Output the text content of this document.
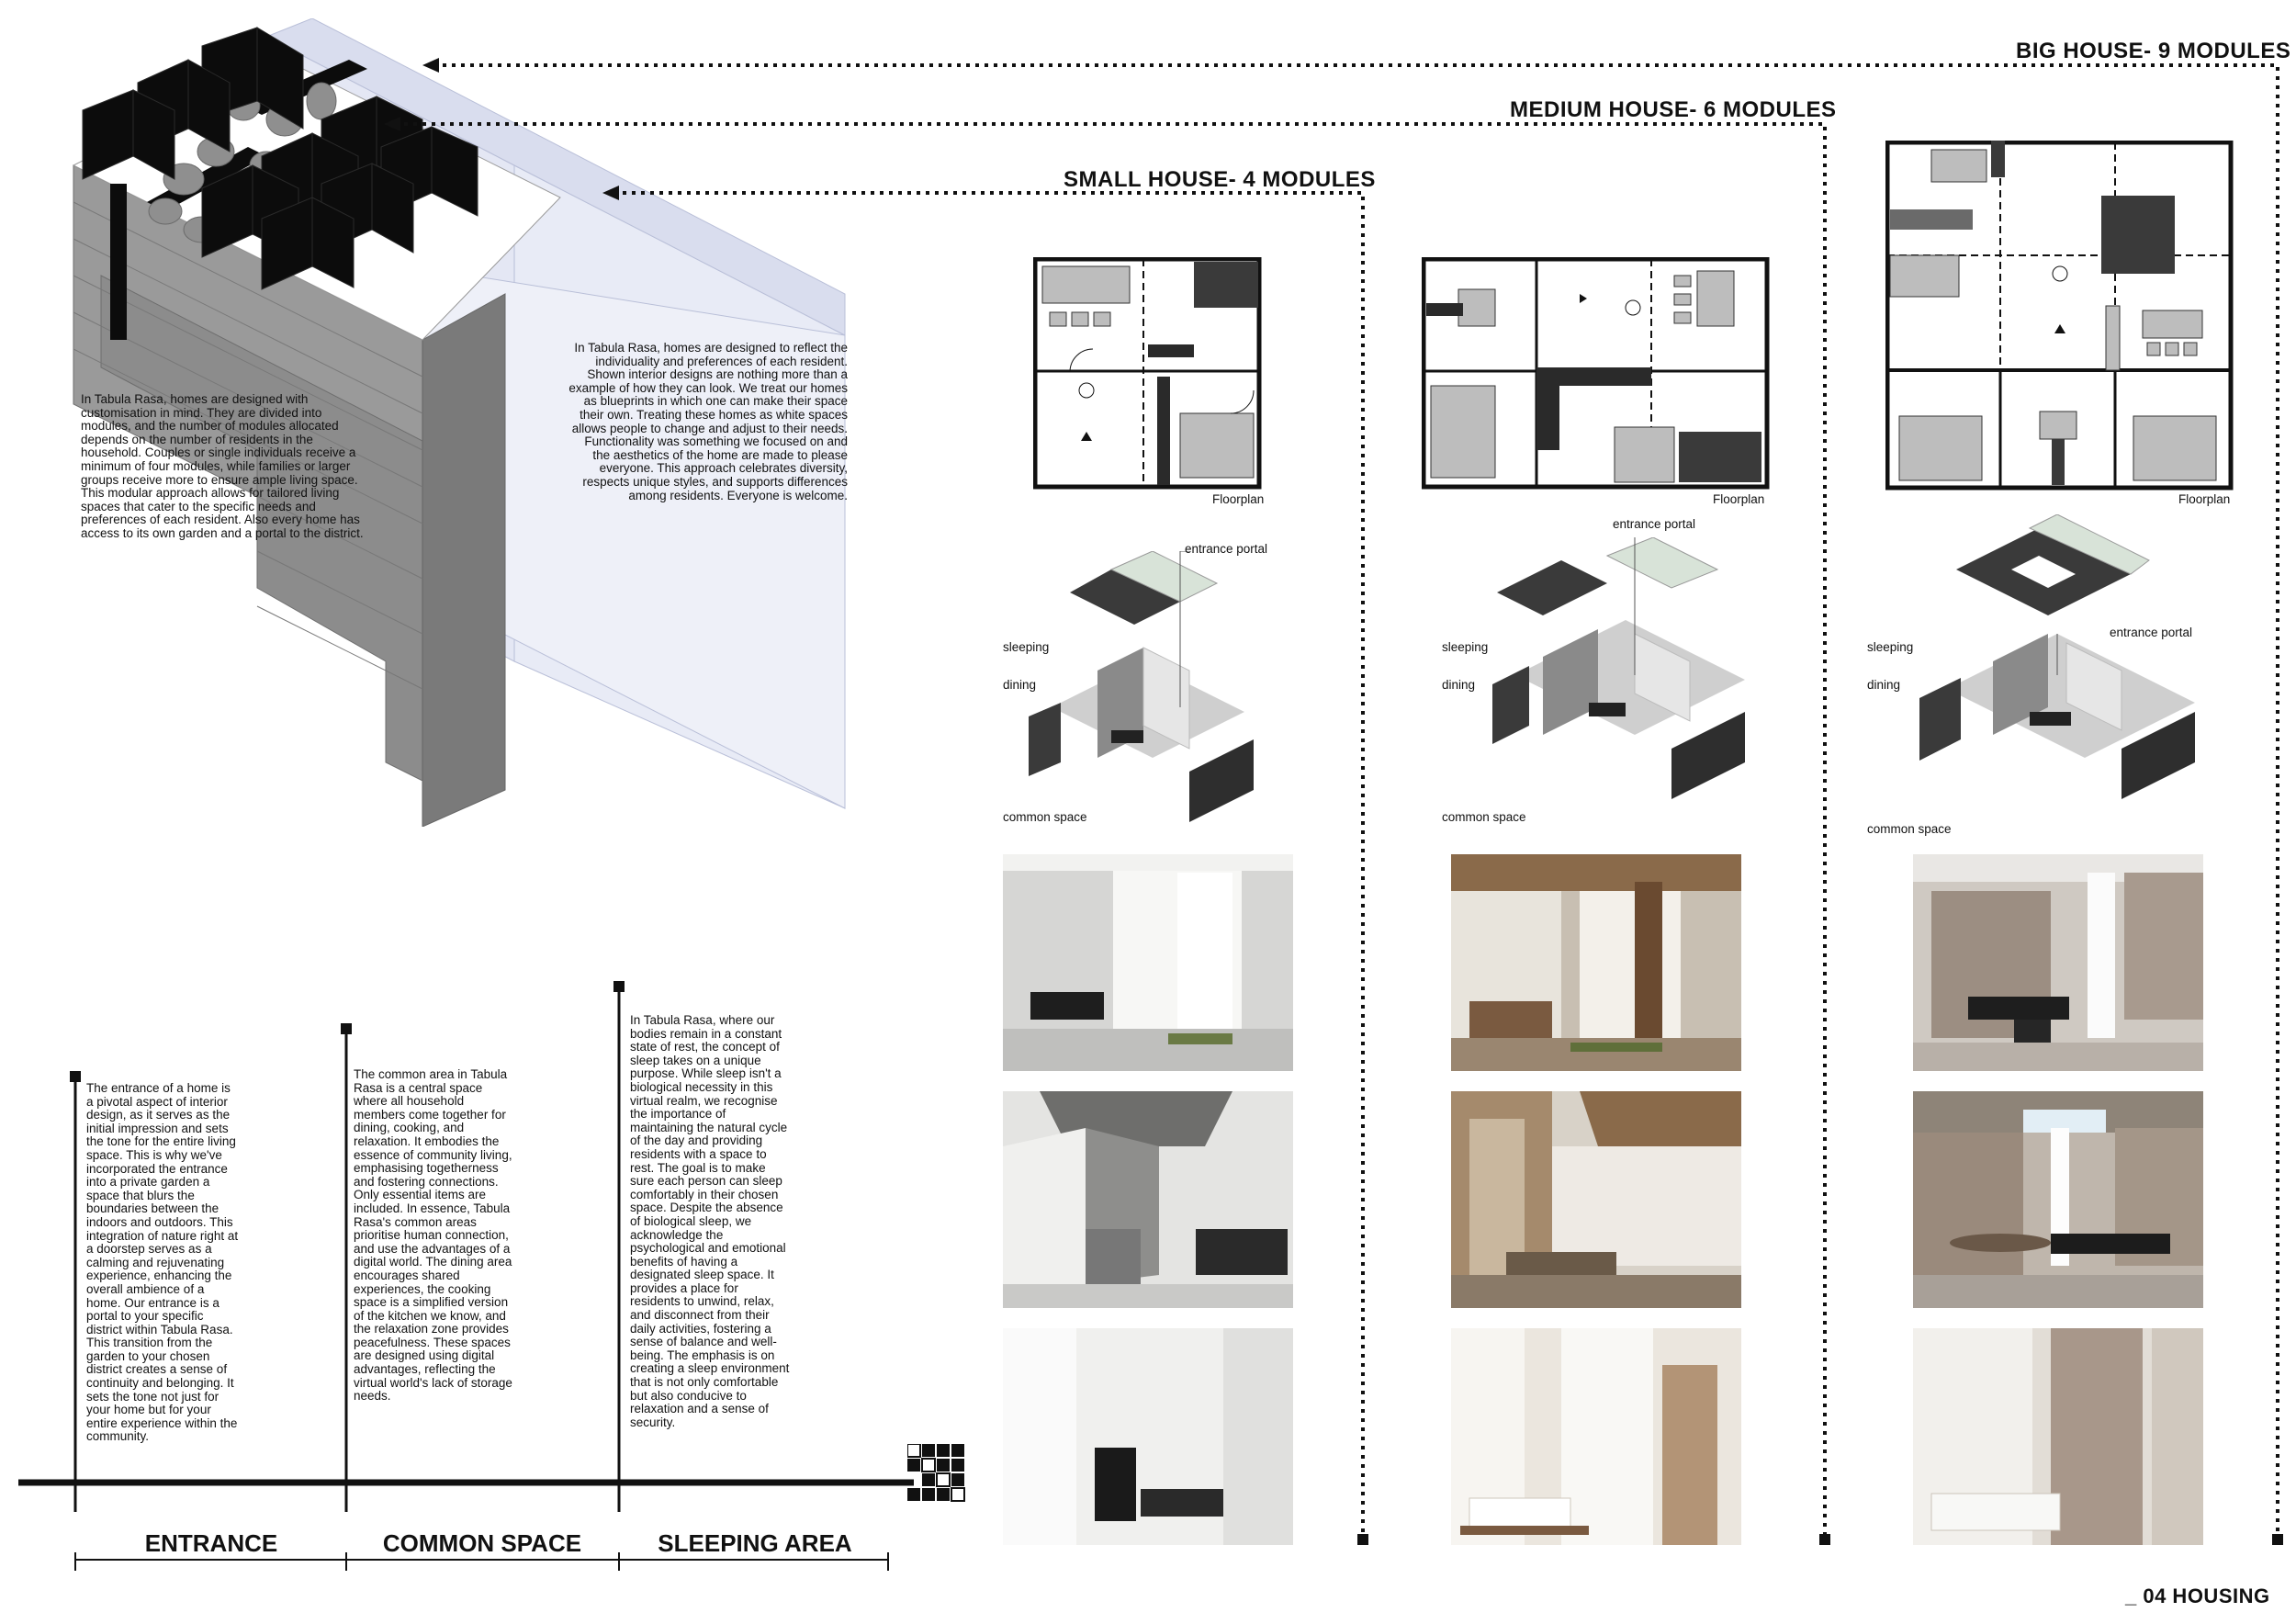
In Tabula Rasa, homes are designed with customisation in mind. They are divided into modules, and the number of modules allocated depends on the number of residents in the household. Couples or single individuals receive a minimum of four modules, while families or larger groups receive more to ensure ample living space. This modular approach allows for tailored living spaces that cater to the specific needs and preferences of each resident. Also every home has access to its own garden and a portal to the district.
In Tabula Rasa, homes are designed to reflect the individuality and preferences of each resident. Shown interior designs are nothing more than a example of how they can look. We treat our homes as blueprints in which one can make their space their own. Treating these homes as white spaces allows people to change and adjust to their needs. Functionality was something we focused on and the aesthetics of the home are made to please everyone. This approach celebrates diversity, respects unique styles, and supports differences among residents. Everyone is welcome.
BIG HOUSE- 9 MODULES
MEDIUM HOUSE- 6 MODULES
SMALL HOUSE- 4 MODULES
Floorplan	Floorplan	Floorplan
entrance portal
sleeping
dining
common space
entrance portal
sleeping
dining
common space
entrance portal
sleeping
dining
common space
The entrance of a home is a pivotal aspect of interior design, as it serves as the initial impression and sets the tone for the entire living space. This is why we've incorporated the entrance into a private garden a space that blurs the boundaries between the indoors and outdoors. This integration of nature right at a doorstep serves as a calming and rejuvenating experience, enhancing the overall ambience of a home. Our entrance is a portal to your specific district within Tabula Rasa. This transition from the garden to your chosen district creates a sense of continuity and belonging. It sets the tone not just for your home but for your entire experience within the community.
The common area in Tabula Rasa is a central space where all household members come together for dining, cooking, and relaxation. It embodies the essence of community living, emphasising togetherness and fostering connections. Only essential items are included. In essence, Tabula Rasa's common areas prioritise human connection, and use the advantages of a digital world. The dining area encourages shared experiences, the cooking space is a simplified version of the kitchen we know, and the relaxation zone provides peacefulness. These spaces are designed using digital advantages, reflecting the virtual world's lack of storage needs.
In Tabula Rasa, where our bodies remain in a constant state of rest, the concept of sleep takes on a unique purpose. While sleep isn't a biological necessity in this virtual realm, we recognise the importance of maintaining the natural cycle of the day and providing residents with a space to rest. The goal is to make sure each person can sleep comfortably in their chosen space. Despite the absence of biological sleep, we acknowledge the psychological and emotional benefits of having a designated sleep space. It provides a place for residents to unwind, relax, and disconnect from their daily activities, fostering a sense of balance and well-being. The emphasis is on creating a sleep environment that is not only comfortable but also conducive to relaxation and a sense of security.
ENTRANCE	COMMON SPACE	SLEEPING AREA
_ 04 HOUSING
